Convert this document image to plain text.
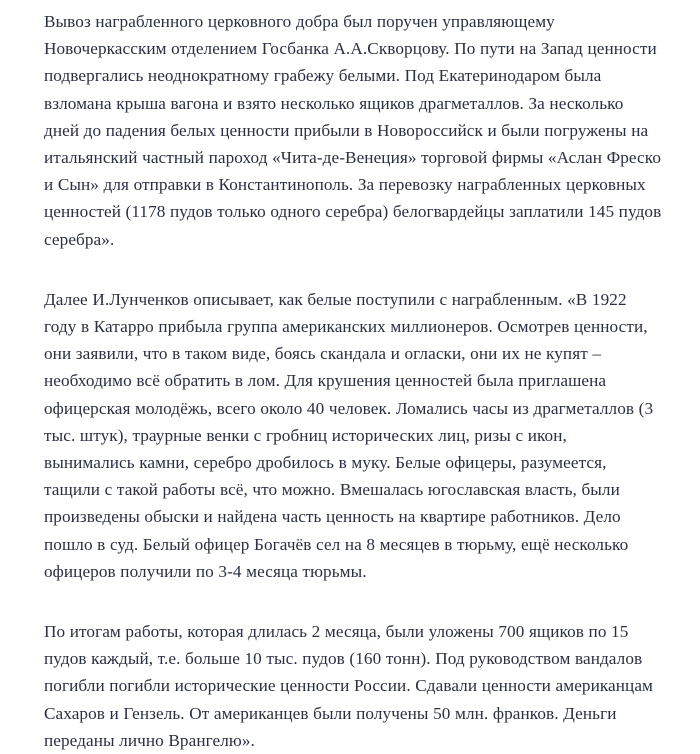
Вывоз награбленного церковного добра был поручен управляющему Новочеркасским отделением Госбанка А.А.Скворцову. По пути на Запад ценности подвергались неоднократному грабежу белыми. Под Екатеринодаром была взломана крыша вагона и взято несколько ящиков драгметаллов. За несколько дней до падения белых ценности прибыли в Новороссийск и были погружены на итальянский частный пароход «Чита-де-Венеция» торговой фирмы «Аслан Фреско и Сын» для отправки в Константинополь. За перевозку награбленных церковных ценностей (1178 пудов только одного серебра) белогвардейцы заплатили 145 пудов серебра».

Далее И.Лунченков описывает, как белые поступили с награбленным. «В 1922 году в Катарро прибыла группа американских миллионеров. Осмотрев ценности, они заявили, что в таком виде, боясь скандала и огласки, они их не купят – необходимо всё обратить в лом. Для крушения ценностей была приглашена офицерская молодёжь, всего около 40 человек. Ломались часы из драгметаллов (3 тыс. штук), траурные венки с гробниц исторических лиц, ризы с икон, вынимались камни, серебро дробилось в муку. Белые офицеры, разумеется, тащили с такой работы всё, что можно. Вмешалась югославская власть, были произведены обыски и найдена часть ценность на квартире работников. Дело пошло в суд. Белый офицер Богачёв сел на 8 месяцев в тюрьму, ещё несколько офицеров получили по 3-4 месяца тюрьмы.

По итогам работы, которая длилась 2 месяца, были уложены 700 ящиков по 15 пудов каждый, т.е. больше 10 тыс. пудов (160 тонн). Под руководством вандалов погибли погибли исторические ценности России. Сдавали ценности американцам Сахаров и Гензель. От американцев были получены 50 млн. франков. Деньги переданы лично Врангелю».
